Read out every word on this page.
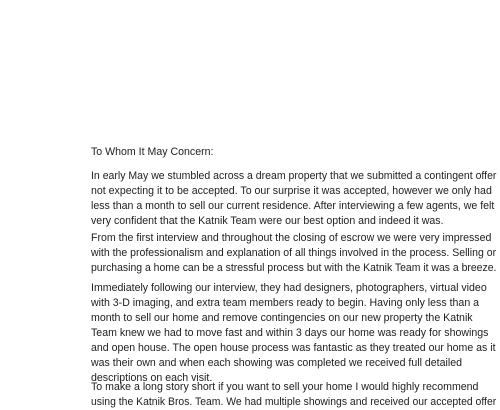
To Whom It May Concern:
In early May we stumbled across a dream property that we submitted a contingent offer
not expecting it to be accepted. To our surprise it was accepted, however we only had
less than a month to sell our current residence. After interviewing a few agents, we felt
very confident that the Katnik Team were our best option and indeed it was.
From the first interview and throughout the closing of escrow we were very impressed
with the professionalism and explanation of all things involved in the process. Selling or
purchasing a home can be a stressful process but with the Katnik Team it was a breeze.
Immediately following our interview, they had designers, photographers, virtual video
with 3-D imaging, and extra team members ready to begin. Having only less than a
month to sell our home and remove contingencies on our new property the Katnik
Team knew we had to move fast and within 3 days our home was ready for showings
and open house. The open house process was fantastic as they treated our home as it
was their own and when each showing was completed we received full detailed
descriptions on each visit.
To make a long story short if you want to sell your home I would highly recommend
using the Katnik Bros. Team. We had multiple showings and received our accepted offer
